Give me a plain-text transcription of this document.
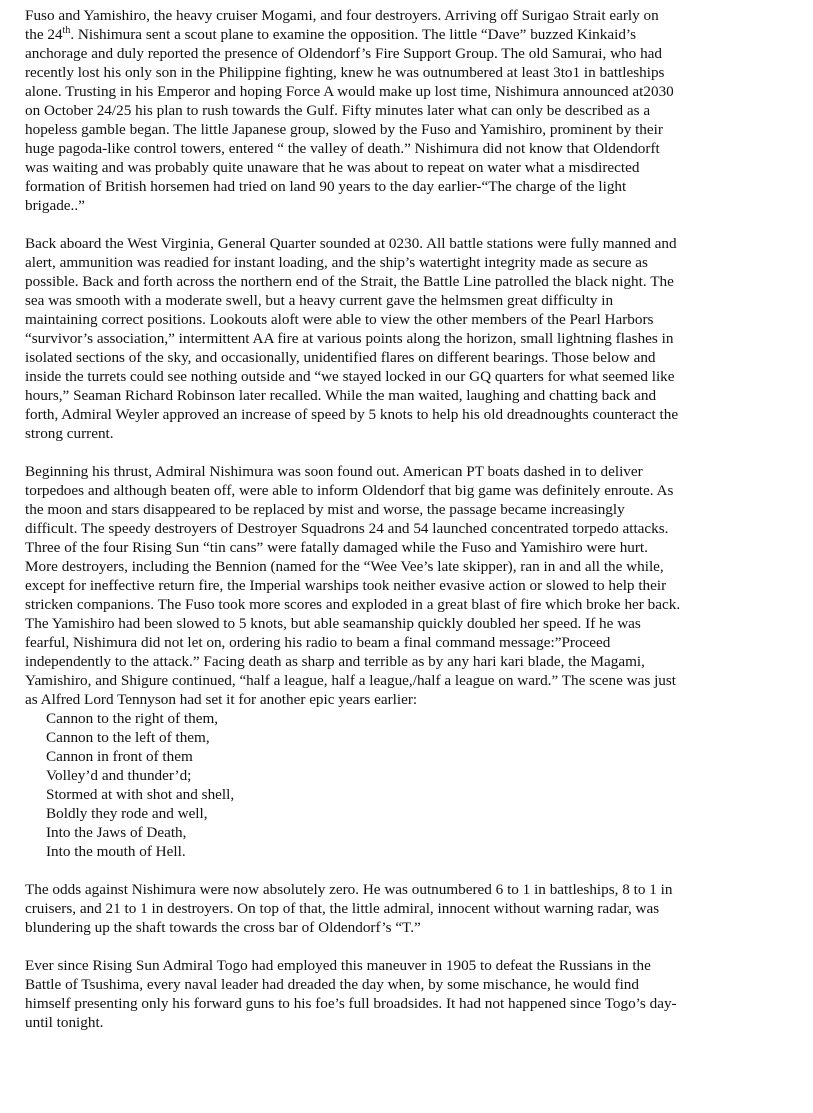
Fuso and Yamishiro, the heavy cruiser Mogami, and four destroyers. Arriving off Surigao Strait early on
the 24th. Nishimura sent a scout plane to examine the opposition. The little “Dave” buzzed Kinkaid’s
anchorage and duly reported the presence of Oldendorf’s Fire Support Group. The old Samurai, who had
recently lost his only son in the Philippine fighting, knew he was outnumbered at least 3to1 in battleships
alone. Trusting in his Emperor and hoping Force A would make up lost time, Nishimura announced at2030
on October 24/25 his plan to rush towards the Gulf. Fifty minutes later what can only be described as a
hopeless gamble began. The little Japanese group, slowed by the Fuso and Yamishiro, prominent by their
huge pagoda-like control towers, entered “ the valley of death.” Nishimura did not know that Oldendorft
was waiting and was probably quite unaware that he was about to repeat on water what a misdirected
formation of British horsemen had tried on land 90 years to the day earlier-“The charge of the light
brigade..”

Back aboard the West Virginia, General Quarter sounded at 0230. All battle stations were fully manned and
alert, ammunition was readied for instant loading, and the ship’s watertight integrity made as secure as
possible. Back and forth across the northern end of the Strait, the Battle Line patrolled the black night. The
sea was smooth with a moderate swell, but a heavy current gave the helmsmen great difficulty in
maintaining correct positions. Lookouts aloft were able to view the other members of the Pearl Harbors
“survivor’s association,” intermittent AA fire at various points along the horizon, small lightning flashes in
isolated sections of the sky, and occasionally, unidentified flares on different bearings. Those below and
inside the turrets could see nothing outside and “we stayed locked in our GQ quarters for what seemed like
hours,” Seaman Richard Robinson later recalled. While the man waited, laughing and chatting back and
forth, Admiral Weyler approved an increase of speed by 5 knots to help his old dreadnoughts counteract the
strong current.

Beginning his thrust, Admiral Nishimura was soon found out. American PT boats dashed in to deliver
torpedoes and although beaten off, were able to inform Oldendorf that big game was definitely enroute. As
the moon and stars disappeared to be replaced by mist and worse, the passage became increasingly
difficult. The speedy destroyers of Destroyer Squadrons 24 and 54 launched concentrated torpedo attacks.
Three of the four Rising Sun “tin cans” were fatally damaged while the Fuso and Yamishiro were hurt.
More destroyers, including the Bennion (named for the “Wee Vee’s late skipper), ran in and all the while,
except for ineffective return fire, the Imperial warships took neither evasive action or slowed to help their
stricken companions. The Fuso took more scores and exploded in a great blast of fire which broke her back.
The Yamishiro had been slowed to 5 knots, but able seamanship quickly doubled her speed. If he was
fearful, Nishimura did not let on, ordering his radio to beam a final command message:”Proceed
independently to the attack.” Facing death as sharp and terrible as by any hari kari blade, the Magami,
Yamishiro, and Shigure continued, “half a league, half a league,/half a league on ward.” The scene was just
as Alfred Lord Tennyson had set it for another epic years earlier:
Cannon to the right of them,
Cannon to the left of them,
Cannon in front of them
Volley’d and thunder’d;
Stormed at with shot and shell,
Boldly they rode and well,
Into the Jaws of Death,
Into the mouth of Hell.

The odds against Nishimura were now absolutely zero. He was outnumbered 6 to 1 in battleships, 8 to 1 in
cruisers, and 21 to 1 in destroyers. On top of that, the little admiral, innocent without warning radar, was
blundering up the shaft towards the cross bar of Oldendorf’s “T.”

Ever since Rising Sun Admiral Togo had employed this maneuver in 1905 to defeat the Russians in the
Battle of Tsushima, every naval leader had dreaded the day when, by some mischance, he would find
himself presenting only his forward guns to his foe’s full broadsides. It had not happened since Togo’s day-
until tonight.
